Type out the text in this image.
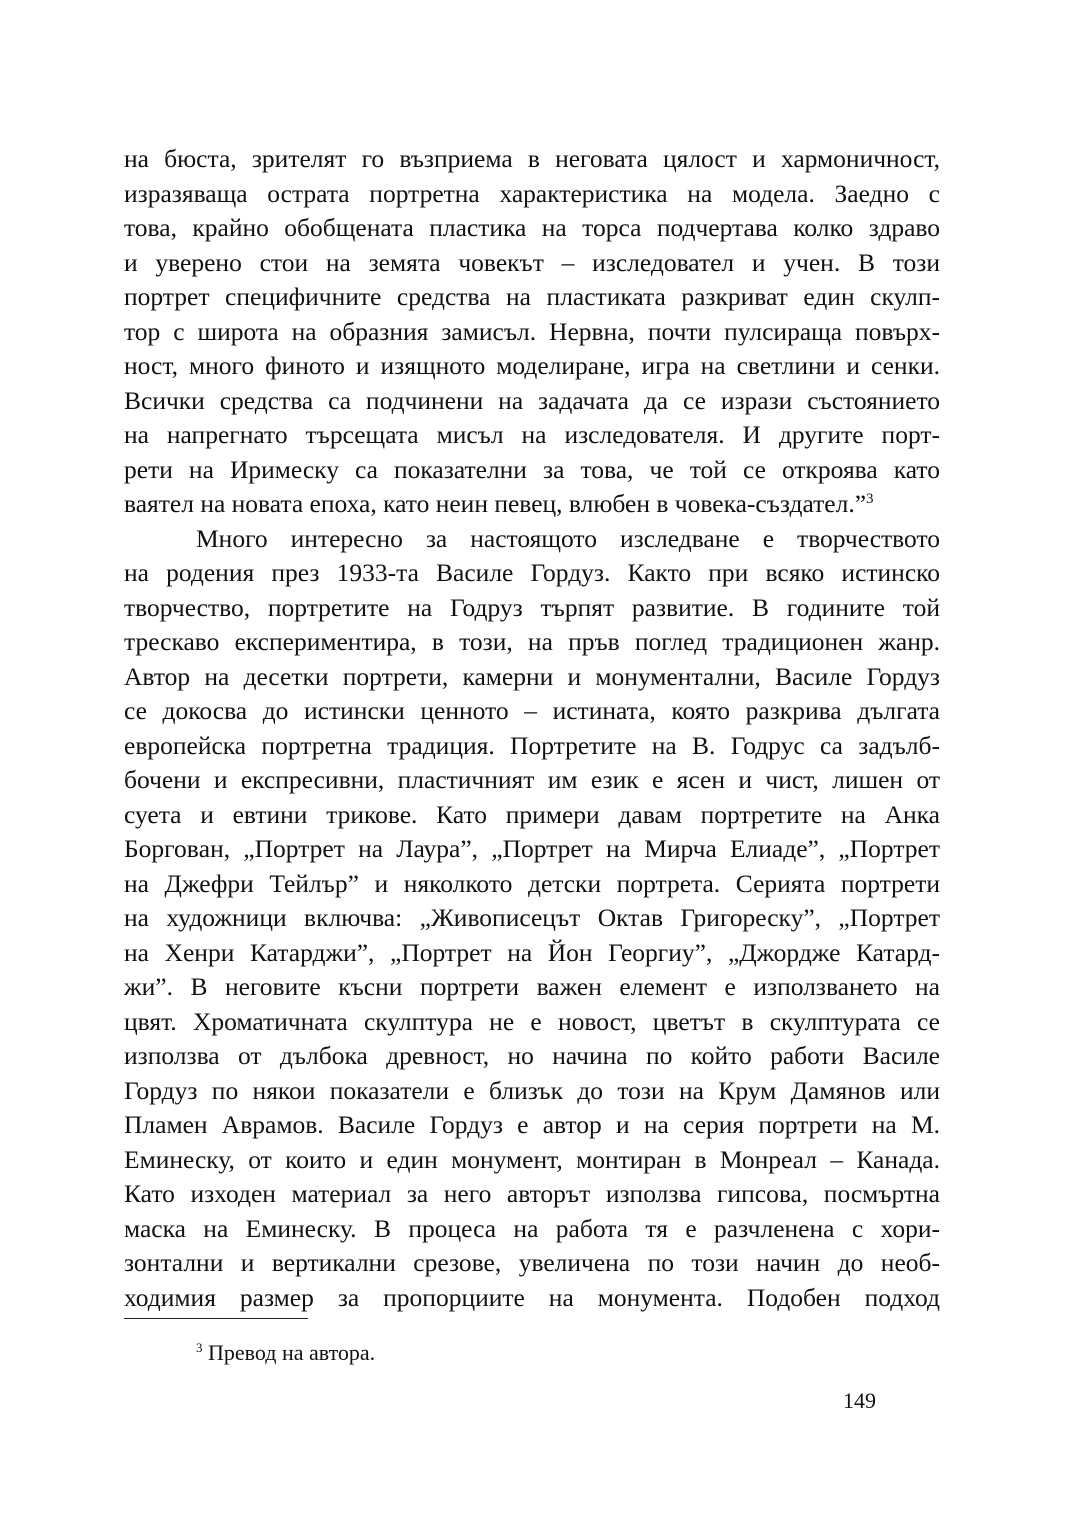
на бюста, зрителят го възприема в неговата цялост и хармоничност,
изразяваща острата портретна характеристика на модела. Заедно с
това, крайно обобщената пластика на торса подчертава колко здраво
и уверено стои на земята човекът – изследовател и учен. В този
портрет специфичните средства на пластиката разкриват един скулп-
тор с широта на образния замисъл. Нервна, почти пулсираща повърх-
ност, много финото и изящното моделиране, игра на светлини и сенки.
Всички средства са подчинени на задачата да се изрази състоянието
на напрегнато търсещата мисъл на изследователя. И другите порт-
рети на Иримеску са показателни за това, че той се откроява като
ваятел на новата епоха, като неин певец, влюбен в човека-създател.”$^3$
Много интересно за настоящото изследване е творчеството
на родения през 1933-та Василе Гордуз. Както при всяко истинско
творчество, портретите на Годруз търпят развитие. В годините той
трескаво експериментира, в този, на пръв поглед традиционен жанр.
Автор на десетки портрети, камерни и монументални, Василе Гордуз
се докосва до истински ценното – истината, която разкрива дългата
европейска портретна традиция. Портретите на В. Годрус са задълб-
бочени и експресивни, пластичният им език е ясен и чист, лишен от
суета и евтини трикове. Като примери давам портретите на Анка
Борговaн, „Портрет на Лаура”, „Портрет на Мирча Елиаде”, „Портрет
на Джефри Тейлър” и няколкото детски портрета. Серията портрети
на художници включва: „Живописецът Октав Григореску”, „Портрет
на Хенри Катарджи”, „Портрет на Йон Георгиу”, „Джордже Катард-
жи”. В неговите късни портрети важен елемент е използването на
цвят. Хроматичната скулптура не е новост, цветът в скулптурата се
използва от дълбока древност, но начина по който работи Василе
Гордуз по някои показатели е близък до този на Крум Дамянов или
Пламен Аврамов. Василе Гордуз е автор и на серия портрети на М.
Еминеску, от които и един монумент, монтиран в Монреал – Канада.
Като изходен материал за него авторът използва гипсова, посмъртна
маска на Еминеску. В процеса на работа тя е разчленена с хори-
зонтални и вертикални срезове, увеличена по този начин до необ-
ходимия размер за пропорциите на монумента. Подобен подход
$^3$ Превод на автора.
149
